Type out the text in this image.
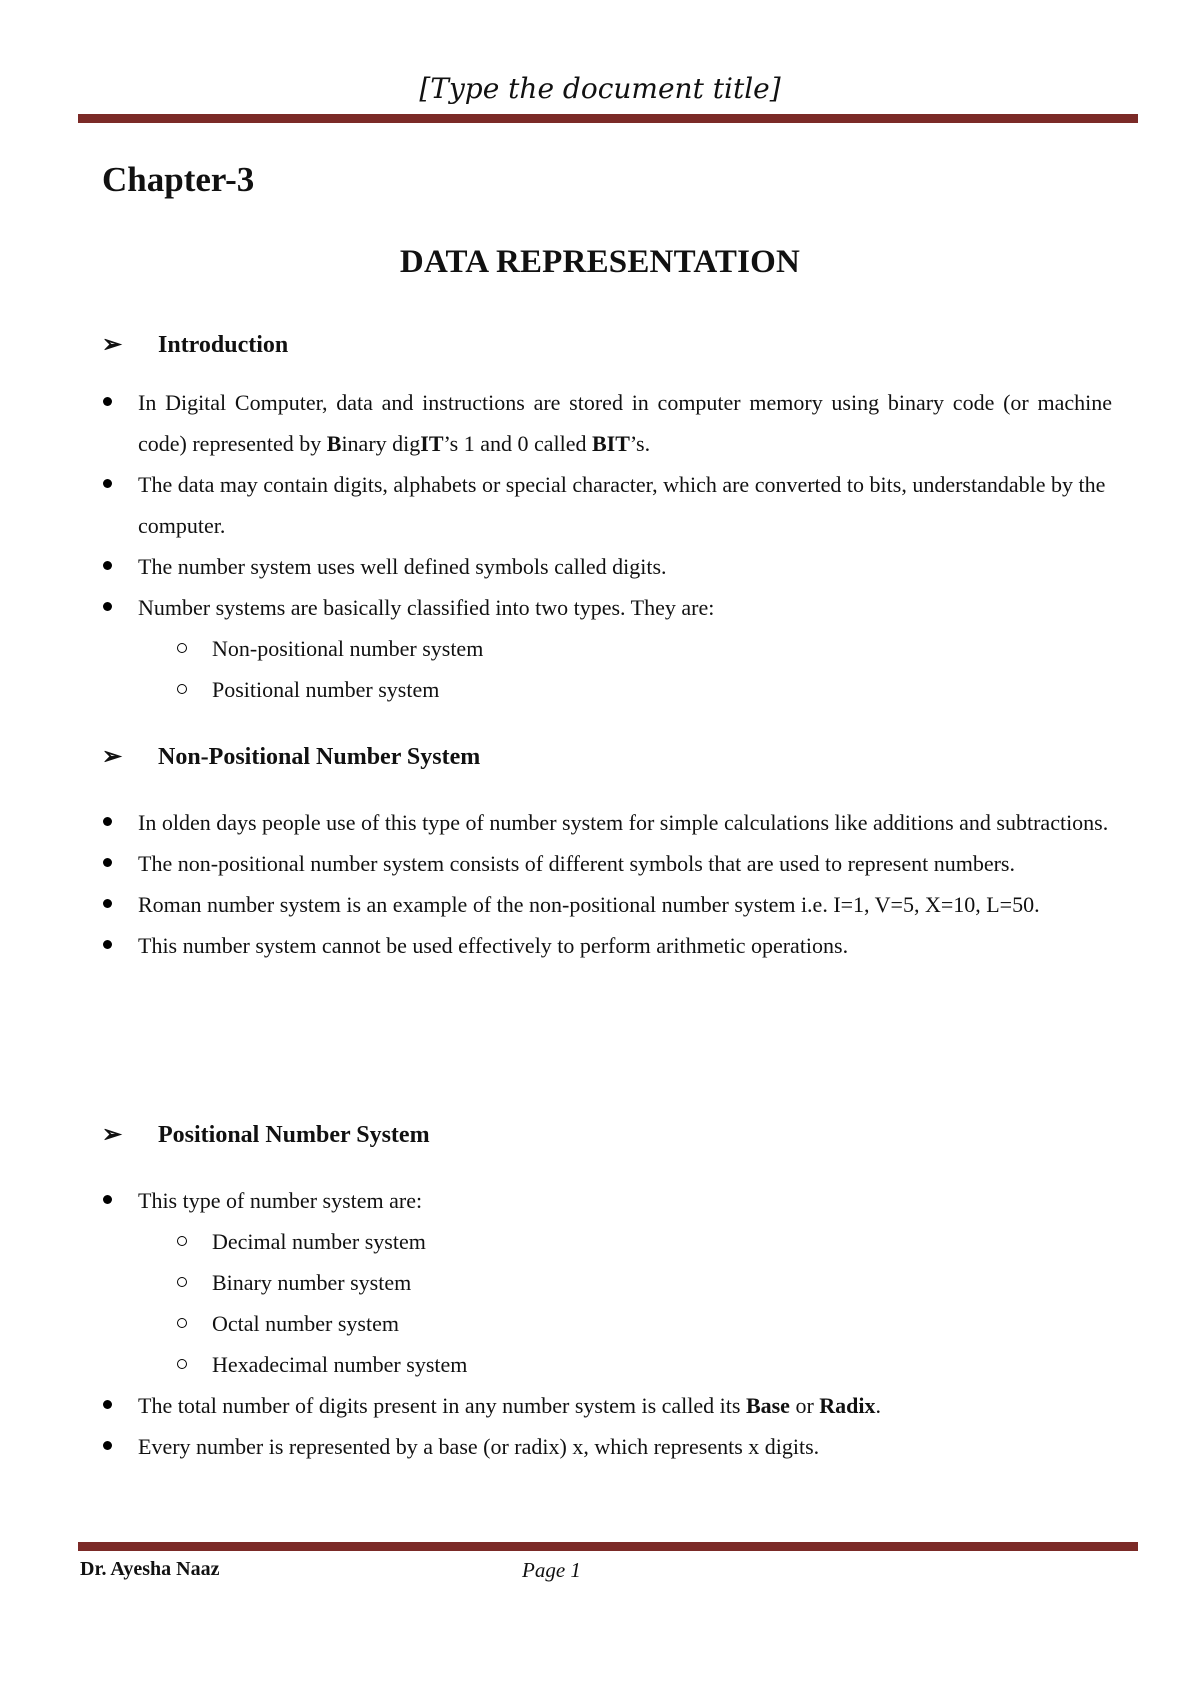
[Type the document title]
Chapter-3
DATA REPRESENTATION
➢ Introduction
In Digital Computer, data and instructions are stored in computer memory using binary code (or machine code) represented by Binary digIT’s 1 and 0 called BIT’s.
The data may contain digits, alphabets or special character, which are converted to bits, understandable by the computer.
The number system uses well defined symbols called digits.
Number systems are basically classified into two types. They are:
Non-positional number system
Positional number system
➢ Non-Positional Number System
In olden days people use of this type of number system for simple calculations like additions and subtractions.
The non-positional number system consists of different symbols that are used to represent numbers.
Roman number system is an example of the non-positional number system i.e. I=1, V=5, X=10, L=50.
This number system cannot be used effectively to perform arithmetic operations.
➢ Positional Number System
This type of number system are:
Decimal number system
Binary number system
Octal number system
Hexadecimal number system
The total number of digits present in any number system is called its Base or Radix.
Every number is represented by a base (or radix) x, which represents x digits.
Dr. Ayesha Naaz	Page 1
